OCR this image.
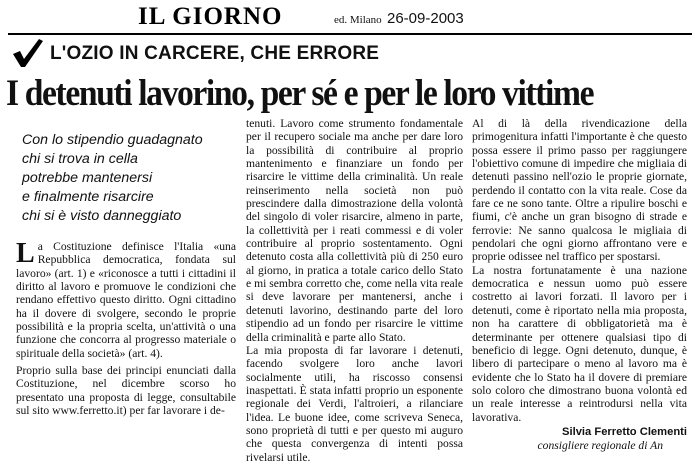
IL GIORNO	ed. Milano 26-09-2003
L'OZIO IN CARCERE, CHE ERRORE
I detenuti lavorino, per sé e per le loro vittime
Con lo stipendio guadagnato
chi si trova in cella
potrebbe mantenersi
e finalmente risarcire
chi si è visto danneggiato

La Costituzione definisce l'Italia «una Repubblica democratica, fondata sul lavoro» (art. 1) e «riconosce a tutti i cittadini il diritto al lavoro e promuove le condizioni che rendano effettivo questo diritto. Ogni cittadino ha il dovere di svolgere, secondo le proprie possibilità e la propria scelta, un'attività o una funzione che concorra al progresso materiale o spirituale della società» (art. 4).

Proprio sulla base dei principi enunciati dalla Costituzione, nel dicembre scorso ho presentato una proposta di legge, consultabile sul sito www.ferretto.it) per far lavorare i de-

tenuti. Lavoro come strumento fondamentale per il recupero sociale ma anche per dare loro la possibilità di contribuire al proprio mantenimento e finanziare un fondo per risarcire le vittime della criminalità. Un reale reinserimento nella società non può prescindere dalla dimostrazione della volontà del singolo di voler risarcire, almeno in parte, la collettività per i reati commessi e di voler contribuire al proprio sostentamento. Ogni detenuto costa alla collettività più di 250 euro al giorno, in pratica a totale carico dello Stato e mi sembra corretto che, come nella vita reale si deve lavorare per mantenersi, anche i detenuti lavorino, destinando parte del loro stipendio ad un fondo per risarcire le vittime della criminalità e parte allo Stato.

La mia proposta di far lavorare i detenuti, facendo svolgere loro anche lavori socialmente utili, ha riscosso consensi inaspettati. È stata infatti proprio un esponente regionale dei Verdi, l'altroieri, a rilanciare l'idea. Le buone idee, come scriveva Seneca, sono proprietà di tutti e per questo mi auguro che questa convergenza di intenti possa rivelarsi utile.

Al di là della rivendicazione della primogenitura infatti l'importante è che questo possa essere il primo passo per raggiungere l'obiettivo comune di impedire che migliaia di detenuti passino nell'ozio le proprie giornate, perdendo il contatto con la vita reale. Cose da fare ce ne sono tante. Oltre a ripulire boschi e fiumi, c'è anche un gran bisogno di strade e ferrovie: Ne sanno qualcosa le migliaia di pendolari che ogni giorno affrontano vere e proprie odissee nel traffico per spostarsi.

La nostra fortunatamente è una nazione democratica e nessun uomo può essere costretto ai lavori forzati. Il lavoro per i detenuti, come è riportato nella mia proposta, non ha carattere di obbligatorietà ma è determinante per ottenere qualsiasi tipo di beneficio di legge. Ogni detenuto, dunque, è libero di partecipare o meno al lavoro ma è evidente che lo Stato ha il dovere di premiare solo coloro che dimostrano buona volontà ed un reale interesse a reintrodursi nella vita lavorativa.

Silvia Ferretto Clementi
consigliere regionale di An
